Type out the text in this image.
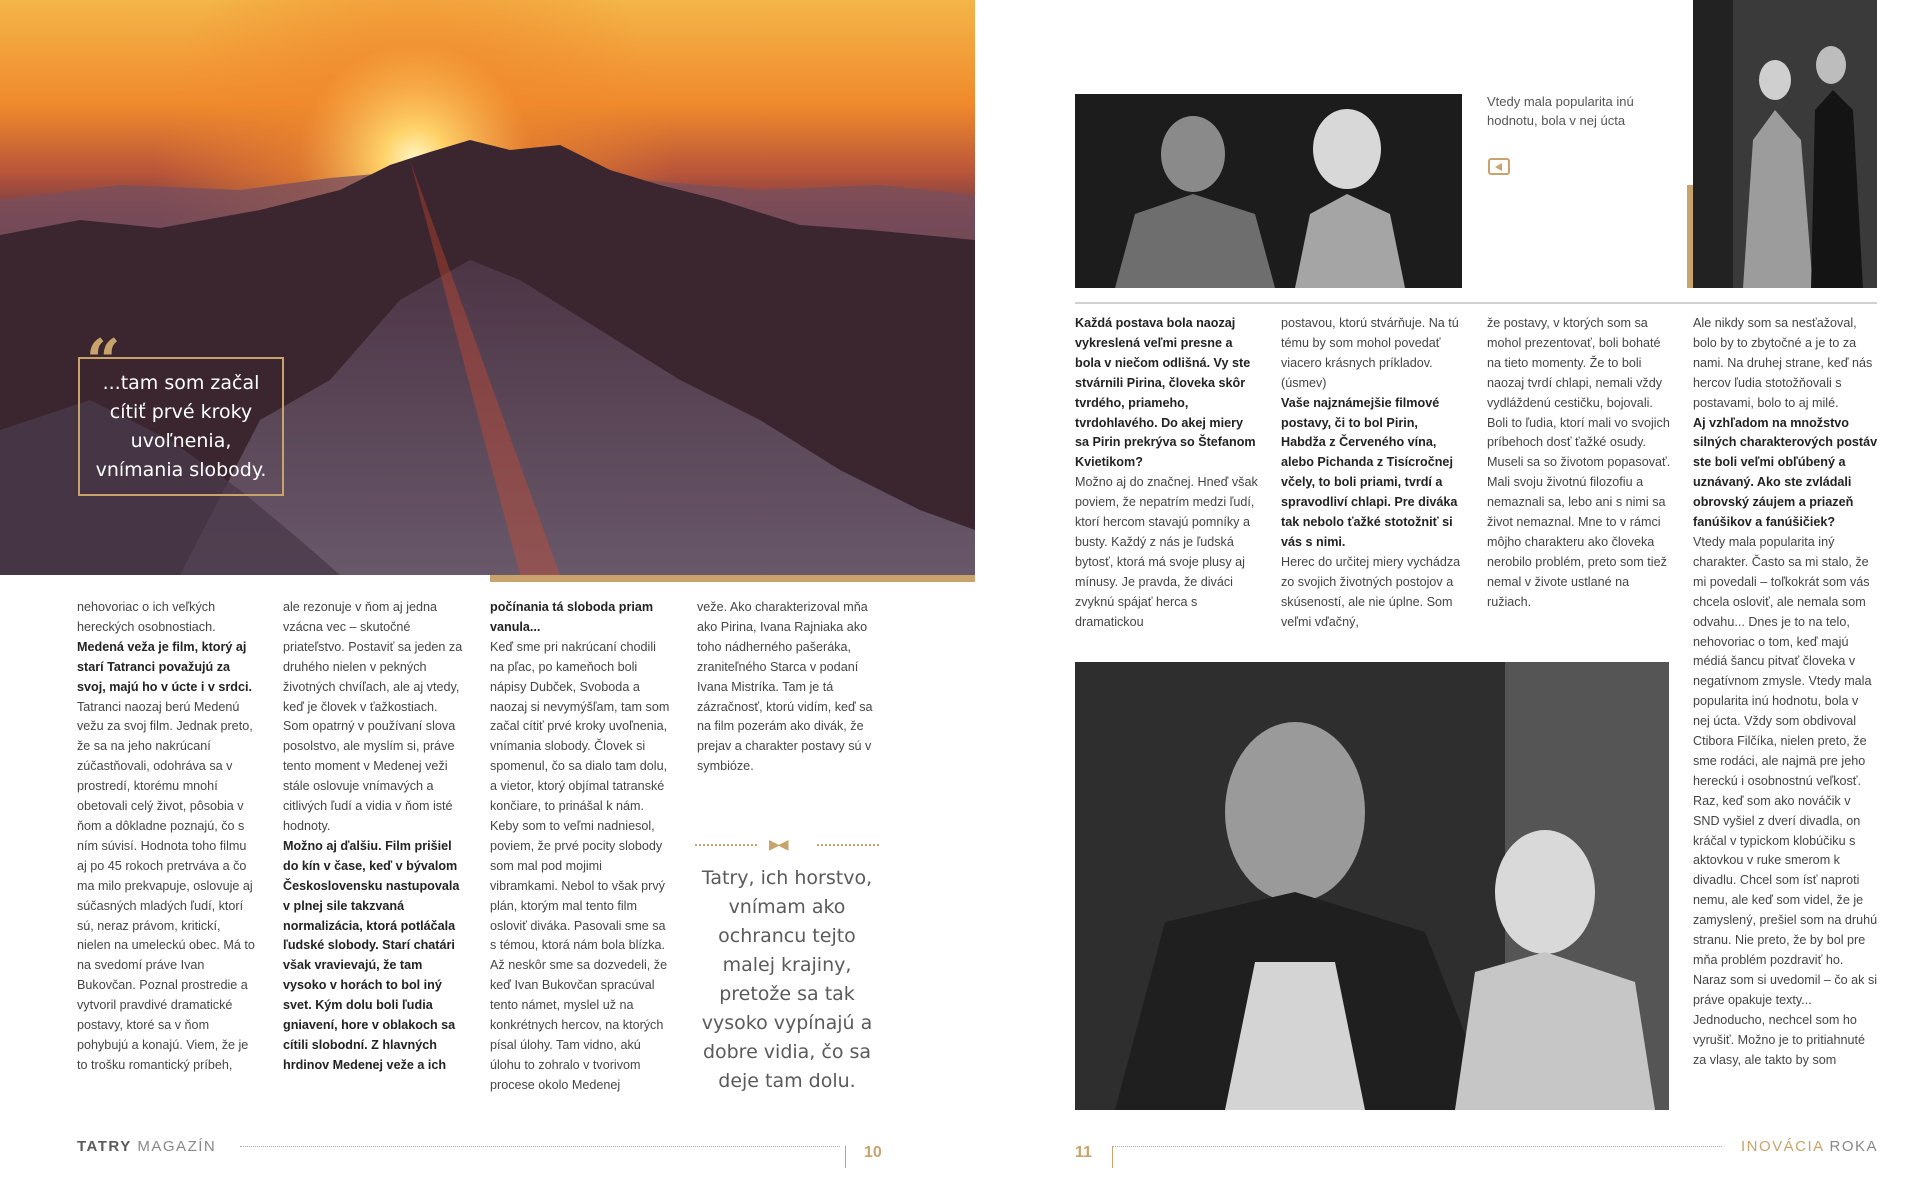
“
...tam som začal cítiť prvé kroky uvoľnenia, vnímania slobody.

nehovoriac o ich veľkých hereckých osobnostiach.

Medená veža je film, ktorý aj starí Tatranci považujú za svoj, majú ho v úcte i v srdci.

Tatranci naozaj berú Medenú vežu za svoj film. Jednak preto, že sa na jeho nakrúcaní zúčastňovali, odohráva sa v prostredí, ktorému mnohí obetovali celý život, pôsobia v ňom a dôkladne poznajú, čo s ním súvisí. Hodnota toho filmu aj po 45 rokoch pretrváva a čo ma milo prekvapuje, oslovuje aj súčasných mladých ľudí, ktorí sú, neraz právom, kritickí, nielen na umeleckú obec. Má to na svedomí práve Ivan Bukovčan. Poznal prostredie a vytvoril pravdivé dramatické postavy, ktoré sa v ňom pohybujú a konajú. Viem, že je to trošku romantický príbeh,

ale rezonuje v ňom aj jedna vzácna vec – skutočné priateľstvo. Postaviť sa jeden za druhého nielen v pekných životných chvíľach, ale aj vtedy, keď je človek v ťažkostiach. Som opatrný v používaní slova posolstvo, ale myslím si, práve tento moment v Medenej veži stále oslovuje vnímavých a citlivých ľudí a vidia v ňom isté hodnoty.

Možno aj ďalšiu. Film prišiel do kín v čase, keď v bývalom Československu nastupovala v plnej sile takzvaná normalizácia, ktorá potláčala ľudské slobody. Starí chatári však vravievajú, že tam vysoko v horách to bol iný svet. Kým dolu boli ľudia gniavení, hore v oblakoch sa cítili slobodní. Z hlavných hrdinov Medenej veže a ich

počínania tá sloboda priam vanula...

Keď sme pri nakrúcaní chodili na pľac, po kameňoch boli nápisy Dubček, Svoboda a naozaj si nevymýšľam, tam som začal cítiť prvé kroky uvoľnenia, vnímania slobody. Človek si spomenul, čo sa dialo tam dolu, a vietor, ktorý objímal tatranské končiare, to prinášal k nám. Keby som to veľmi nadniesol, poviem, že prvé pocity slobody som mal pod mojimi vibramkami. Nebol to však prvý plán, ktorým mal tento film osloviť diváka. Pasovali sme sa s témou, ktorá nám bola blízka. Až neskôr sme sa dozvedeli, že keď Ivan Bukovčan spracúval tento námet, myslel už na konkrétnych hercov, na ktorých písal úlohy. Tam vidno, akú úlohu to zohralo v tvorivom procese okolo Medenej

veže. Ako charakterizoval mňa ako Pirina, Ivana Rajniaka ako toho nádherného pašeráka, zraniteľného Starca v podaní Ivana Mistríka. Tam je tá zázračnosť, ktorú vidím, keď sa na film pozerám ako divák, že prejav a charakter postavy sú v symbióze.

▶◀
Tatry, ich horstvo, vnímam ako ochrancu tejto malej krajiny, pretože sa tak vysoko vypínajú a dobre vidia, čo sa deje tam dolu.
TATRY MAGAZÍN	10
Vtedy mala popularita inú hodnotu, bola v nej úcta

Každá postava bola naozaj vykreslená veľmi presne a bola v niečom odlišná. Vy ste stvárnili Pirina, človeka skôr tvrdého, priameho, tvrdohlavého. Do akej miery sa Pirin prekrýva so Štefanom Kvietikom?

Možno aj do značnej. Hneď však poviem, že nepatrím medzi ľudí, ktorí hercom stavajú pomníky a busty. Každý z nás je ľudská bytosť, ktorá má svoje plusy aj mínusy. Je pravda, že diváci zvyknú spájať herca s dramatickou

postavou, ktorú stvárňuje. Na tú tému by som mohol povedať viacero krásnych príkladov. (úsmev)

Vaše najznámejšie filmové postavy, či to bol Pirin, Habdža z Červeného vína, alebo Pichanda z Tisícročnej včely, to boli priami, tvrdí a spravodliví chlapi. Pre diváka tak nebolo ťažké stotožniť si vás s nimi.

Herec do určitej miery vychádza zo svojich životných postojov a skúseností, ale nie úplne. Som veľmi vďačný,

že postavy, v ktorých som sa mohol prezentovať, boli bohaté na tieto momenty. Že to boli naozaj tvrdí chlapi, nemali vždy vydláždenú cestičku, bojovali. Boli to ľudia, ktorí mali vo svojich príbehoch dosť ťažké osudy. Museli sa so životom popasovať. Mali svoju životnú filozofiu a nemaznali sa, lebo ani s nimi sa život nemaznal. Mne to v rámci môjho charakteru ako človeka nerobilo problém, preto som tiež nemal v živote ustlané na ružiach.

Ale nikdy som sa nesťažoval, bolo by to zbytočné a je to za nami. Na druhej strane, keď nás hercov ľudia stotožňovali s postavami, bolo to aj milé.

Aj vzhľadom na množstvo silných charakterových postáv ste boli veľmi obľúbený a uznávaný. Ako ste zvládali obrovský záujem a priazeň fanúšikov a fanúšičiek?

Vtedy mala popularita iný charakter. Často sa mi stalo, že mi povedali – toľkokrát som vás chcela osloviť, ale nemala som odvahu... Dnes je to na telo, nehovoriac o tom, keď majú médiá šancu pitvať človeka v negatívnom zmysle. Vtedy mala popularita inú hodnotu, bola v nej úcta. Vždy som obdivoval Ctibora Filčíka, nielen preto, že sme rodáci, ale najmä pre jeho hereckú i osobnostnú veľkosť. Raz, keď som ako nováčik v SND vyšiel z dverí divadla, on kráčal v typickom klobúčiku s aktovkou v ruke smerom k divadlu. Chcel som ísť naproti nemu, ale keď som videl, že je zamyslený, prešiel som na druhú stranu. Nie preto, že by bol pre mňa problém pozdraviť ho. Naraz som si uvedomil – čo ak si práve opakuje texty... Jednoducho, nechcel som ho vyrušiť. Možno je to pritiahnuté za vlasy, ale takto by som

11	INOVÁCIA ROKA
